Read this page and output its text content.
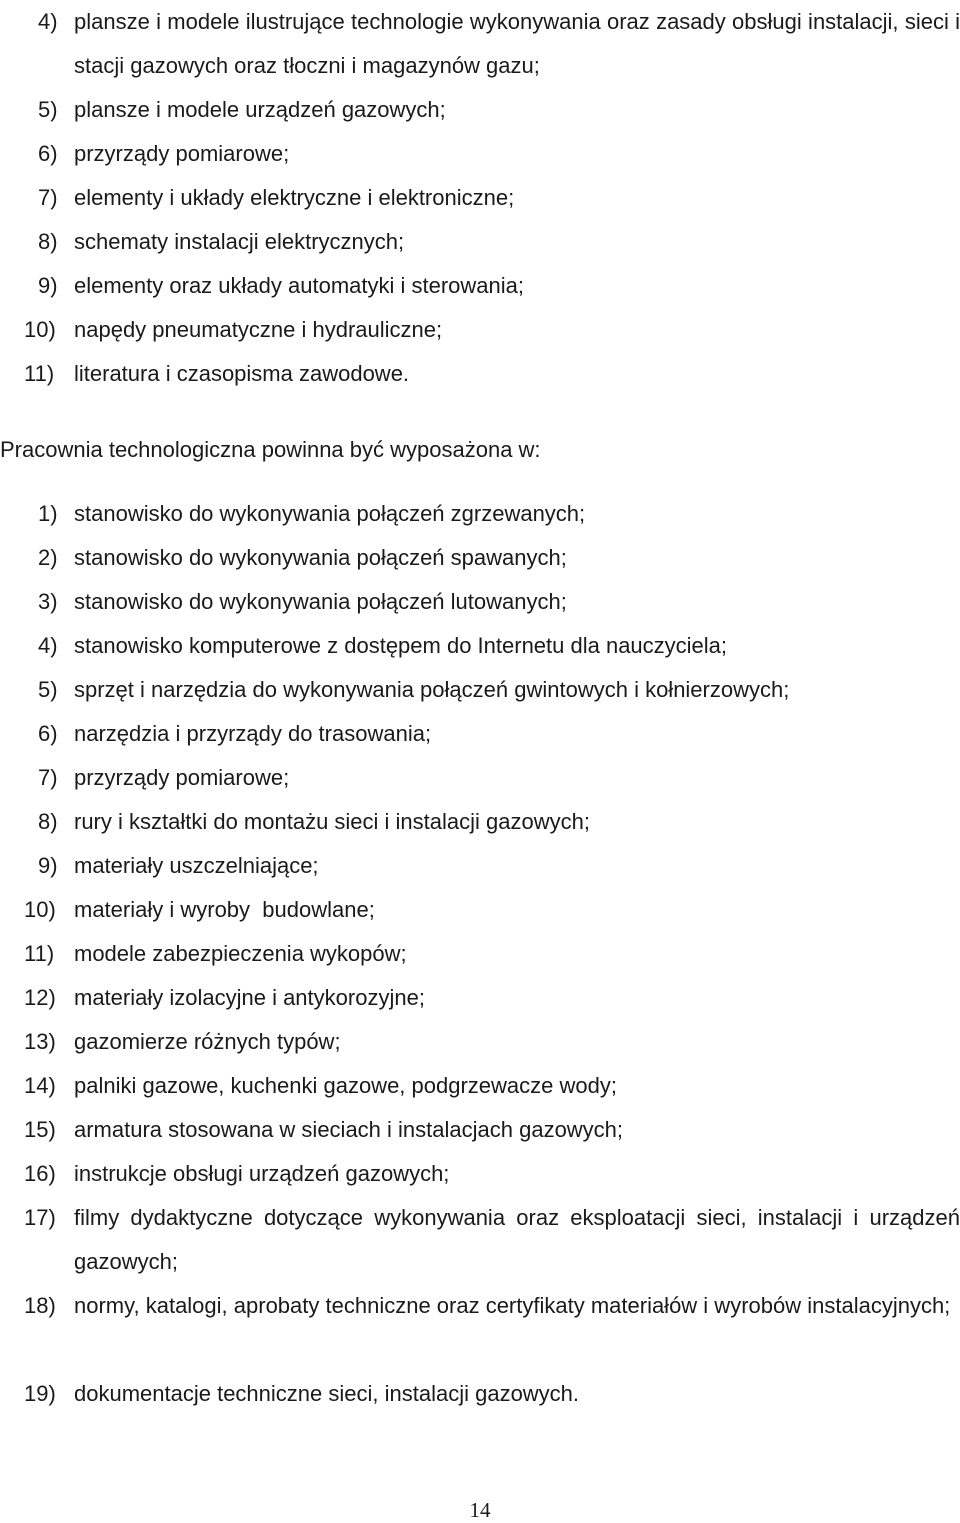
4) plansze i modele ilustrujące technologie wykonywania oraz zasady obsługi instalacji, sieci i stacji gazowych oraz tłoczni i magazynów gazu;
5) plansze i modele urządzeń gazowych;
6) przyrządy pomiarowe;
7) elementy i układy elektryczne i elektroniczne;
8) schematy instalacji elektrycznych;
9) elementy oraz układy automatyki i sterowania;
10) napędy pneumatyczne i hydrauliczne;
11) literatura i czasopisma zawodowe.
Pracownia technologiczna powinna być wyposażona w:
1) stanowisko do wykonywania połączeń zgrzewanych;
2) stanowisko do wykonywania połączeń spawanych;
3) stanowisko do wykonywania połączeń lutowanych;
4) stanowisko komputerowe z dostępem do Internetu dla nauczyciela;
5) sprzęt i narzędzia do wykonywania połączeń gwintowych i kołnierzowych;
6) narzędzia i przyrządy do trasowania;
7) przyrządy pomiarowe;
8) rury i kształtki do montażu sieci i instalacji gazowych;
9) materiały uszczelniające;
10) materiały i wyroby  budowlane;
11) modele zabezpieczenia wykopów;
12) materiały izolacyjne i antykorozyjne;
13) gazomierze różnych typów;
14) palniki gazowe, kuchenki gazowe, podgrzewacze wody;
15) armatura stosowana w sieciach i instalacjach gazowych;
16) instrukcje obsługi urządzeń gazowych;
17) filmy dydaktyczne dotyczące wykonywania oraz eksploatacji sieci, instalacji i urządzeń gazowych;
18) normy, katalogi, aprobaty techniczne oraz certyfikaty materiałów i wyrobów instalacyjnych;
19) dokumentacje techniczne sieci, instalacji gazowych.
14
